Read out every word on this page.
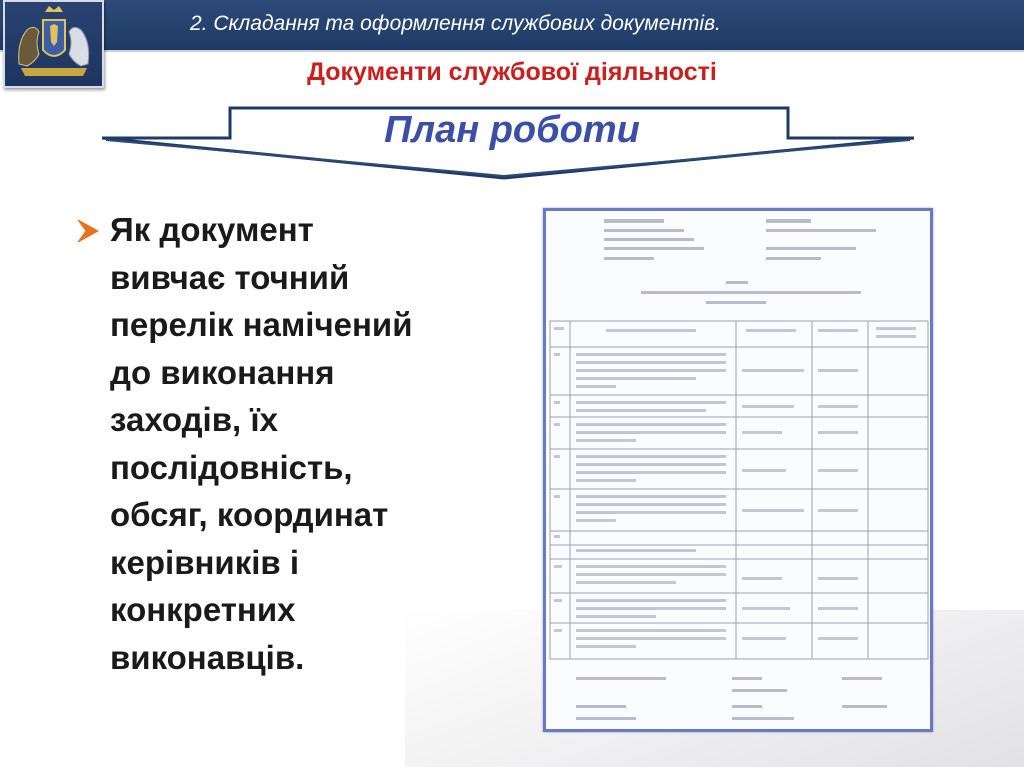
2. Складання та оформлення службових документів.
Документи службової діяльності
План роботи
Як документ
вивчає точний
перелік намічений
до виконання
заходів, їх
послідовність,
обсяг, координат
керівників і
конкретних
виконавців.
